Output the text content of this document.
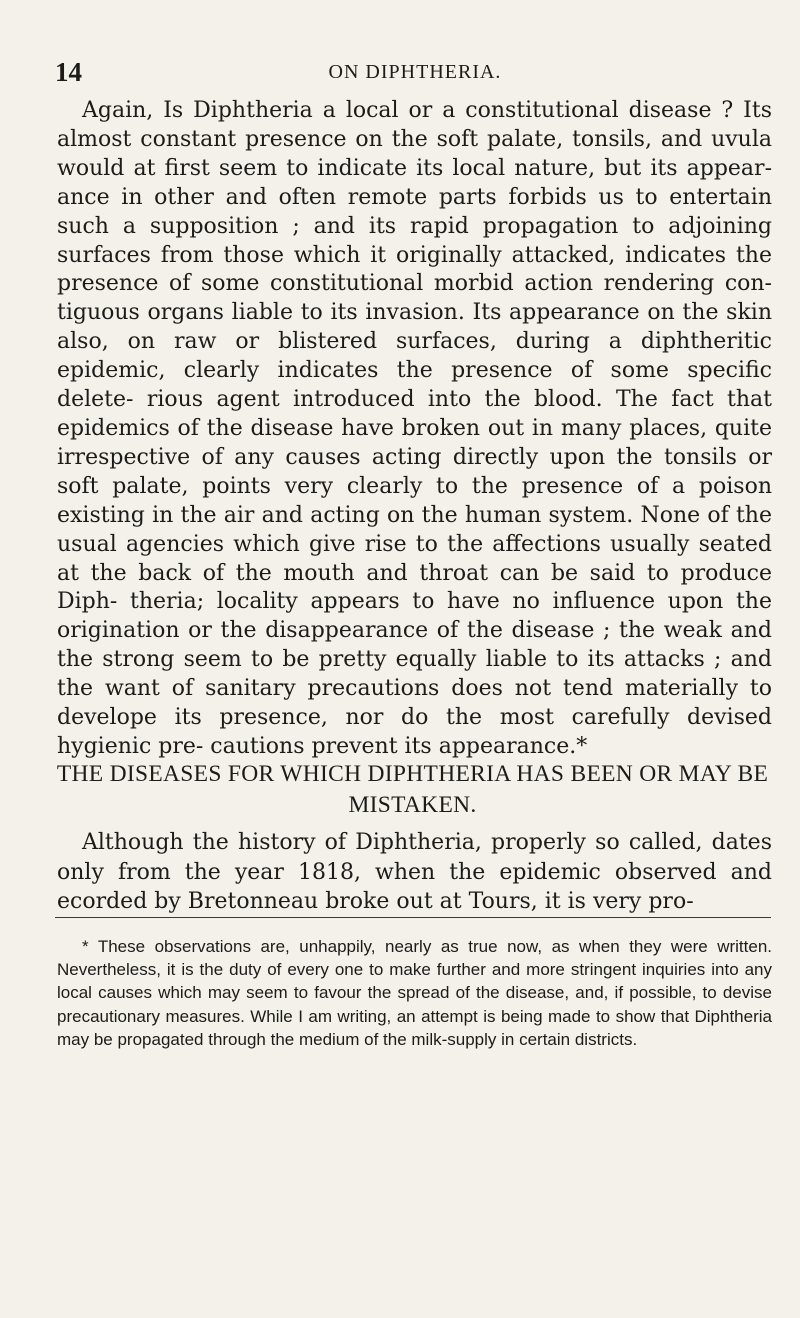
14	ON DIPHTHERIA.

Again, Is Diphtheria a local or a constitutional disease ? Its almost constant presence on the soft palate, tonsils, and uvula would at first seem to indicate its local nature, but its appear- ance in other and often remote parts forbids us to entertain such a supposition ; and its rapid propagation to adjoining surfaces from those which it originally attacked, indicates the presence of some constitutional morbid action rendering con- tiguous organs liable to its invasion. Its appearance on the skin also, on raw or blistered surfaces, during a diphtheritic epidemic, clearly indicates the presence of some specific delete- rious agent introduced into the blood. The fact that epidemics of the disease have broken out in many places, quite irrespective of any causes acting directly upon the tonsils or soft palate, points very clearly to the presence of a poison existing in the air and acting on the human system. None of the usual agencies which give rise to the affections usually seated at the back of the mouth and throat can be said to produce Diph- theria; locality appears to have no influence upon the origination or the disappearance of the disease ; the weak and the strong seem to be pretty equally liable to its attacks ; and the want of sanitary precautions does not tend materially to develope its presence, nor do the most carefully devised hygienic pre- cautions prevent its appearance.*

THE DISEASES FOR WHICH DIPHTHERIA HAS BEEN OR MAY BE MISTAKEN.

Although the history of Diphtheria, properly so called, dates only from the year 1818, when the epidemic observed and ecorded by Bretonneau broke out at Tours, it is very pro-

* These observations are, unhappily, nearly as true now, as when they were written. Nevertheless, it is the duty of every one to make further and more stringent inquiries into any local causes which may seem to favour the spread of the disease, and, if possible, to devise precautionary measures. While I am writing, an attempt is being made to show that Diphtheria may be propagated through the medium of the milk-supply in certain districts.
